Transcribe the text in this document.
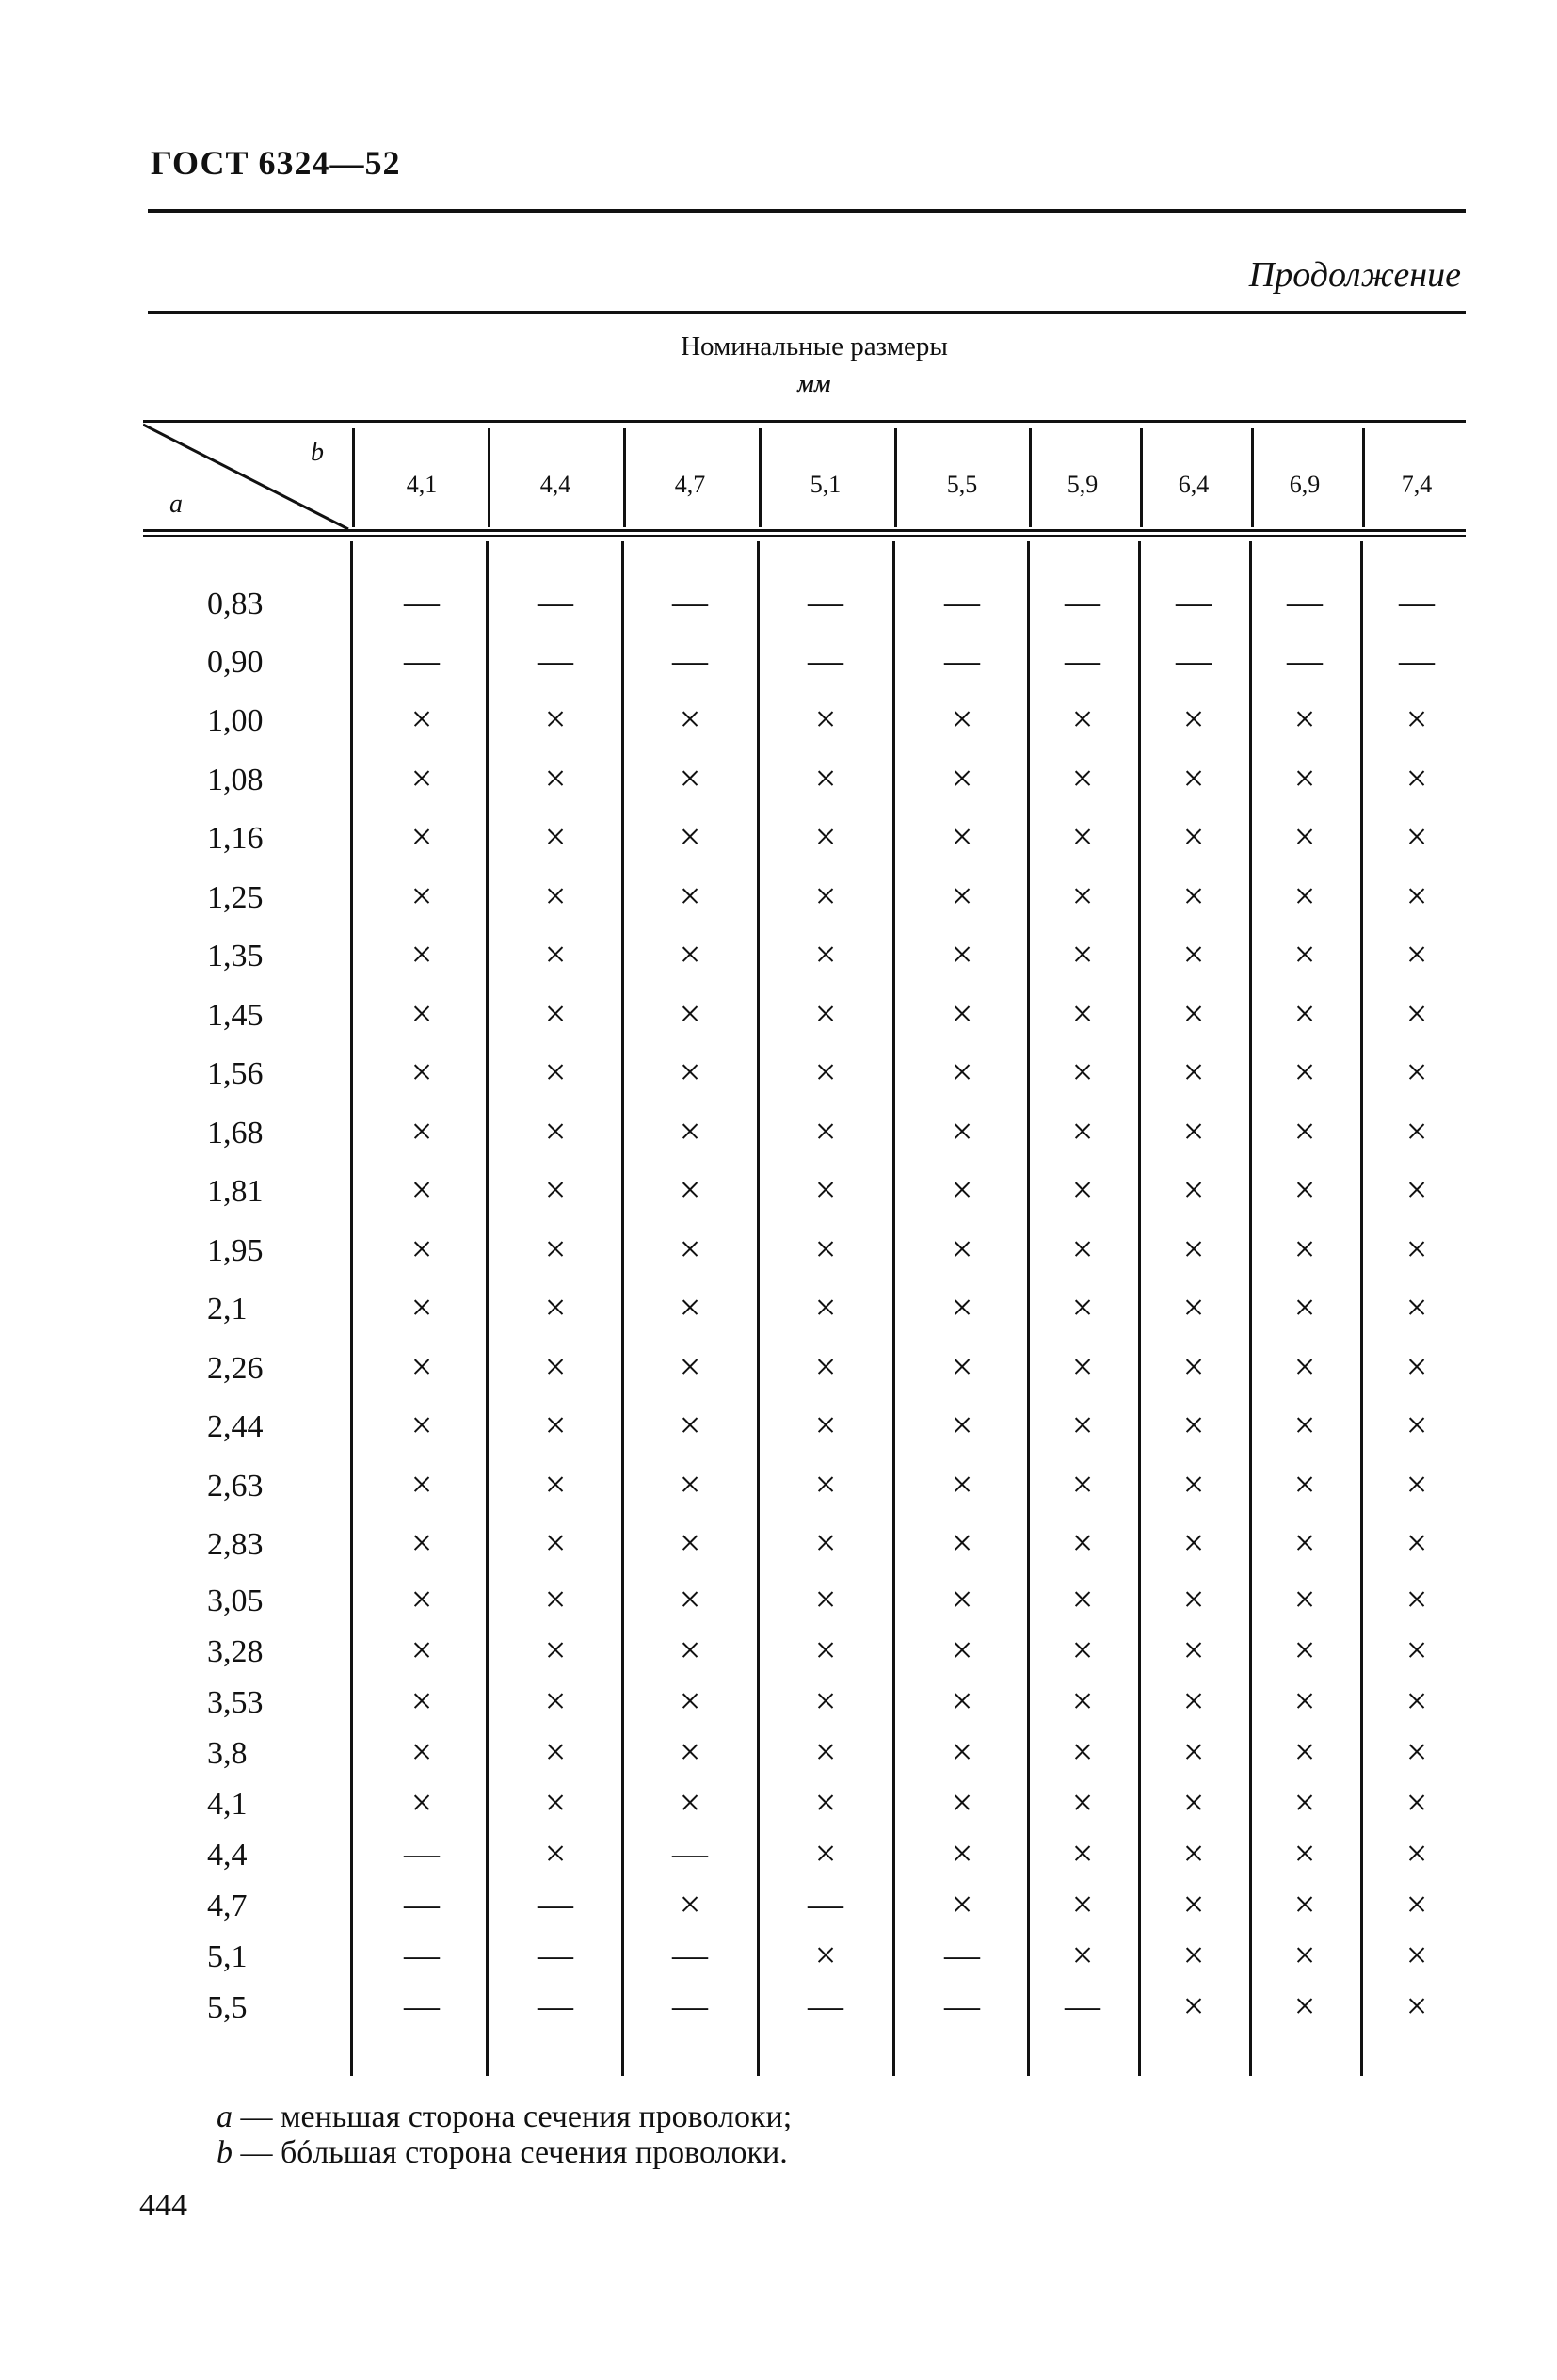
ГОСТ 6324—52
Продолжение
Номинальные размеры
мм
b
a
4,1	4,4	4,7	5,1	5,5	5,9	6,4	6,9	7,4
0,83	—	—	—	—	—	—	—	—	—
0,90	—	—	—	—	—	—	—	—	—
1,00	×	×	×	×	×	×	×	×	×
1,08	×	×	×	×	×	×	×	×	×
1,16	×	×	×	×	×	×	×	×	×
1,25	×	×	×	×	×	×	×	×	×
1,35	×	×	×	×	×	×	×	×	×
1,45	×	×	×	×	×	×	×	×	×
1,56	×	×	×	×	×	×	×	×	×
1,68	×	×	×	×	×	×	×	×	×
1,81	×	×	×	×	×	×	×	×	×
1,95	×	×	×	×	×	×	×	×	×
2,1	×	×	×	×	×	×	×	×	×
2,26	×	×	×	×	×	×	×	×	×
2,44	×	×	×	×	×	×	×	×	×
2,63	×	×	×	×	×	×	×	×	×
2,83	×	×	×	×	×	×	×	×	×
3,05	×	×	×	×	×	×	×	×	×
3,28	×	×	×	×	×	×	×	×	×
3,53	×	×	×	×	×	×	×	×	×
3,8	×	×	×	×	×	×	×	×	×
4,1	×	×	×	×	×	×	×	×	×
4,4	—	×	—	×	×	×	×	×	×
4,7	—	—	×	—	×	×	×	×	×
5,1	—	—	—	×	—	×	×	×	×
5,5	—	—	—	—	—	—	×	×	×
a — меньшая сторона сечения проволоки;
b — бóльшая сторона сечения проволоки.
444
